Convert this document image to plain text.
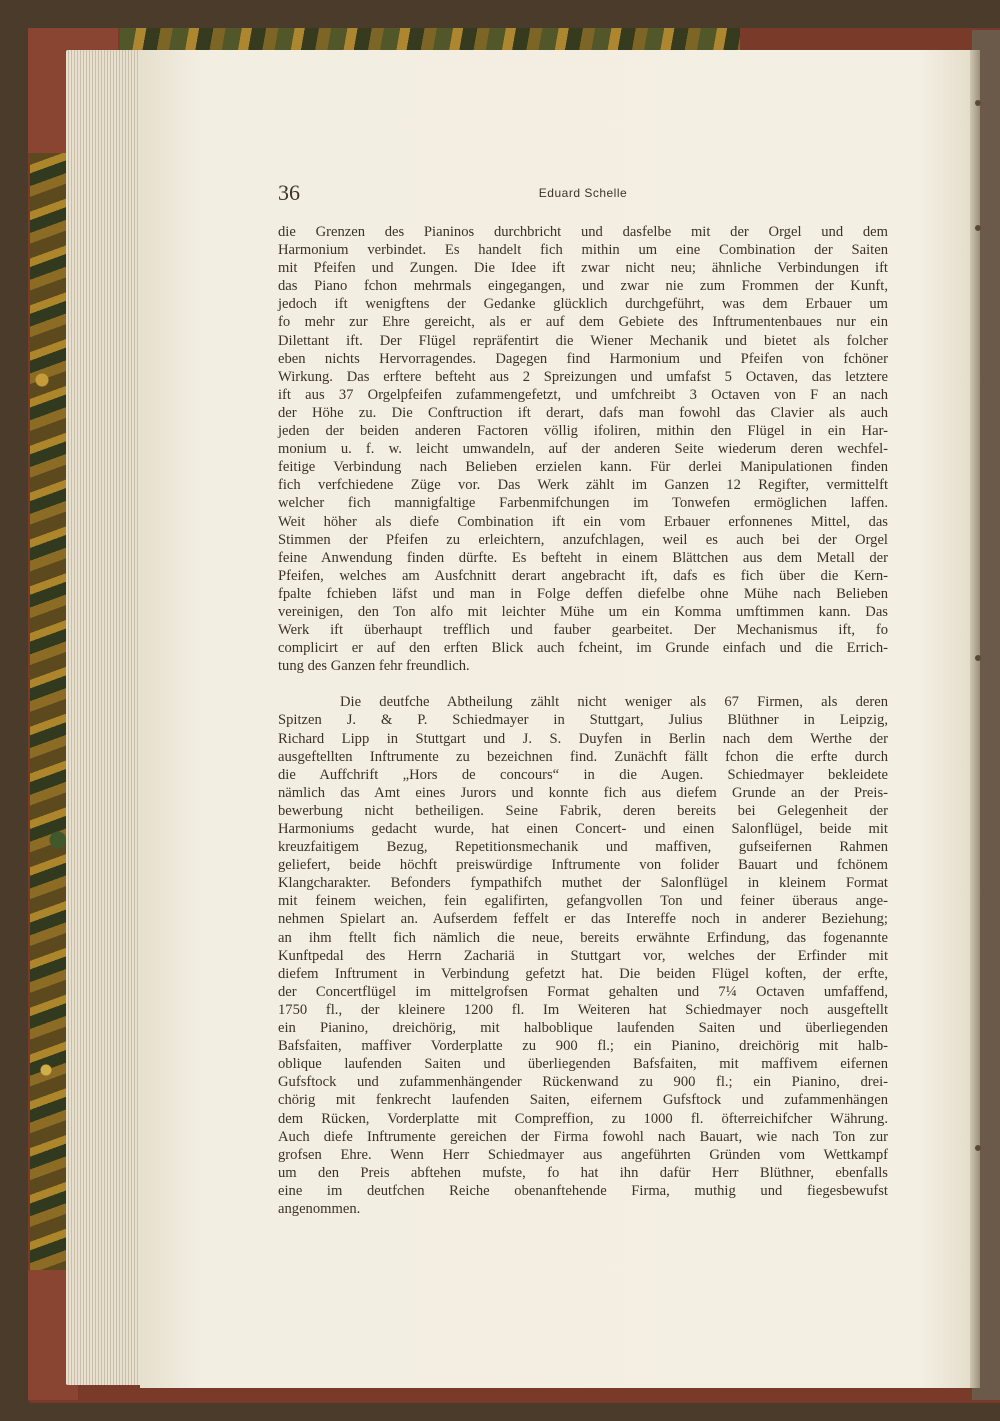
36	Eduard Schelle
die Grenzen des Pianinos durchbricht und dasfelbe mit der Orgel und dem
Harmonium verbindet. Es handelt fich mithin um eine Combination der Saiten
mit Pfeifen und Zungen. Die Idee ift zwar nicht neu; ähnliche Verbindungen ift
das Piano fchon mehrmals eingegangen, und zwar nie zum Frommen der Kunft,
jedoch ift wenigftens der Gedanke glücklich durchgeführt, was dem Erbauer um
fo mehr zur Ehre gereicht, als er auf dem Gebiete des Inftrumentenbaues nur ein
Dilettant ift. Der Flügel repräfentirt die Wiener Mechanik und bietet als folcher
eben nichts Hervorragendes. Dagegen find Harmonium und Pfeifen von fchöner
Wirkung. Das erftere befteht aus 2 Spreizungen und umfafst 5 Octaven, das letztere
ift aus 37 Orgelpfeifen zufammengefetzt, und umfchreibt 3 Octaven von F an nach
der Höhe zu. Die Conftruction ift derart, dafs man fowohl das Clavier als auch
jeden der beiden anderen Factoren völlig ifoliren, mithin den Flügel in ein Har-
monium u. f. w. leicht umwandeln, auf der anderen Seite wiederum deren wechfel-
feitige Verbindung nach Belieben erzielen kann. Für derlei Manipulationen finden
fich verfchiedene Züge vor. Das Werk zählt im Ganzen 12 Regifter, vermittelft
welcher fich mannigfaltige Farbenmifchungen im Tonwefen ermöglichen laffen.
Weit höher als diefe Combination ift ein vom Erbauer erfonnenes Mittel, das
Stimmen der Pfeifen zu erleichtern, anzufchlagen, weil es auch bei der Orgel
feine Anwendung finden dürfte. Es befteht in einem Blättchen aus dem Metall der
Pfeifen, welches am Ausfchnitt derart angebracht ift, dafs es fich über die Kern-
fpalte fchieben läfst und man in Folge deffen diefelbe ohne Mühe nach Belieben
vereinigen, den Ton alfo mit leichter Mühe um ein Komma umftimmen kann. Das
Werk ift überhaupt trefflich und fauber gearbeitet. Der Mechanismus ift, fo
complicirt er auf den erften Blick auch fcheint, im Grunde einfach und die Errich-
tung des Ganzen fehr freundlich.
Die deutfche Abtheilung zählt nicht weniger als 67 Firmen, als deren
Spitzen J. & P. Schiedmayer in Stuttgart, Julius Blüthner in Leipzig,
Richard Lipp in Stuttgart und J. S. Duyfen in Berlin nach dem Werthe der
ausgeftellten Inftrumente zu bezeichnen find. Zunächft fällt fchon die erfte durch
die Auffchrift „Hors de concours“ in die Augen. Schiedmayer bekleidete
nämlich das Amt eines Jurors und konnte fich aus diefem Grunde an der Preis-
bewerbung nicht betheiligen. Seine Fabrik, deren bereits bei Gelegenheit der
Harmoniums gedacht wurde, hat einen Concert- und einen Salonflügel, beide mit
kreuzfaitigem Bezug, Repetitionsmechanik und maffiven, gufseifernen Rahmen
geliefert, beide höchft preiswürdige Inftrumente von folider Bauart und fchönem
Klangcharakter. Befonders fympathifch muthet der Salonflügel in kleinem Format
mit feinem weichen, fein egalifirten, gefangvollen Ton und feiner überaus ange-
nehmen Spielart an. Aufserdem feffelt er das Intereffe noch in anderer Beziehung;
an ihm ftellt fich nämlich die neue, bereits erwähnte Erfindung, das fogenannte
Kunftpedal des Herrn Zachariä in Stuttgart vor, welches der Erfinder mit
diefem Inftrument in Verbindung gefetzt hat. Die beiden Flügel koften, der erfte,
der Concertflügel im mittelgrofsen Format gehalten und 7¼ Octaven umfaffend,
1750 fl., der kleinere 1200 fl. Im Weiteren hat Schiedmayer noch ausgeftellt
ein Pianino, dreichörig, mit halboblique laufenden Saiten und überliegenden
Bafsfaiten, maffiver Vorderplatte zu 900 fl.; ein Pianino, dreichörig mit halb-
oblique laufenden Saiten und überliegenden Bafsfaiten, mit maffivem eifernen
Gufsftock und zufammenhängender Rückenwand zu 900 fl.; ein Pianino, drei-
chörig mit fenkrecht laufenden Saiten, eifernem Gufsftock und zufammenhängen
dem Rücken, Vorderplatte mit Compreffion, zu 1000 fl. öfterreichifcher Währung.
Auch diefe Inftrumente gereichen der Firma fowohl nach Bauart, wie nach Ton zur
grofsen Ehre. Wenn Herr Schiedmayer aus angeführten Gründen vom Wettkampf
um den Preis abftehen mufste, fo hat ihn dafür Herr Blüthner, ebenfalls
eine im deutfchen Reiche obenanftehende Firma, muthig und fiegesbewufst
angenommen.
